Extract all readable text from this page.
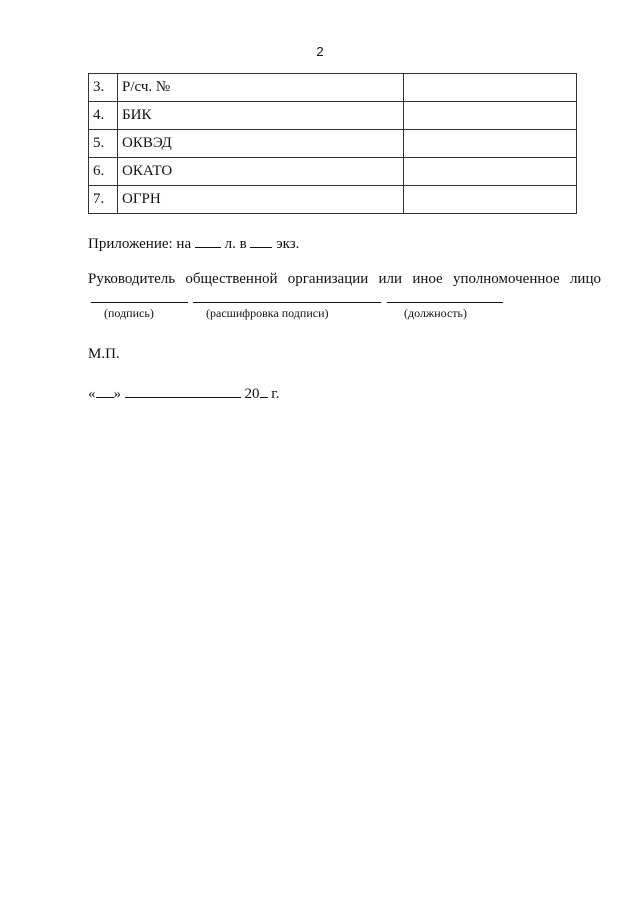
2
3.	Р/сч. №	
4.	БИК	
5.	ОКВЭД	
6.	ОКАТО	
7.	ОГРН	
Приложение: на л. в экз.
Руководитель общественной организации или иное уполномоченное лицо
(подпись)	(расшифровка подписи)	(должность)
М.П.
« »	20 г.
